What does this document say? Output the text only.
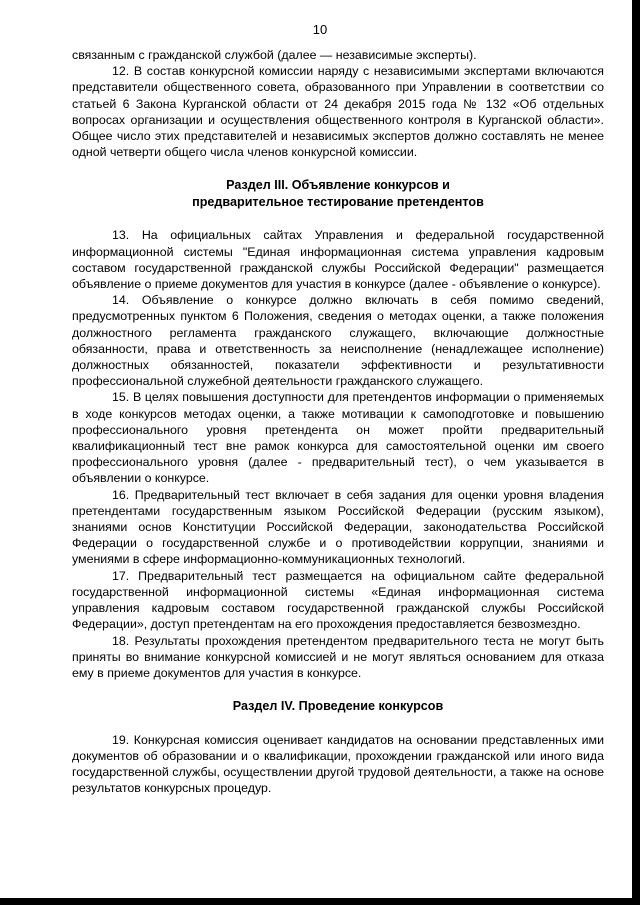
10

связанным с гражданской службой (далее — независимые эксперты).

12. В состав конкурсной комиссии наряду с независимыми экспертами включаются представители общественного совета, образованного при Управлении в соответствии со статьей 6 Закона Курганской области от 24 декабря 2015 года № 132 «Об отдельных вопросах организации и осуществления общественного контроля в Курганской области». Общее число этих представителей и независимых экспертов должно составлять не менее одной четверти общего числа членов конкурсной комиссии.

Раздел III. Объявление конкурсов и

предварительное тестирование претендентов

13. На официальных сайтах Управления и федеральной государственной информационной системы "Единая информационная система управления кадровым составом государственной гражданской службы Российской Федерации" размещается объявление о приеме документов для участия в конкурсе (далее - объявление о конкурсе).

14. Объявление о конкурсе должно включать в себя помимо сведений, предусмотренных пунктом 6 Положения, сведения о методах оценки, а также положения должностного регламента гражданского служащего, включающие должностные обязанности, права и ответственность за неисполнение (ненадлежащее исполнение) должностных обязанностей, показатели эффективности и результативности профессиональной служебной деятельности гражданского служащего.

15. В целях повышения доступности для претендентов информации о применяемых в ходе конкурсов методах оценки, а также мотивации к самоподготовке и повышению профессионального уровня претендента он может пройти предварительный квалификационный тест вне рамок конкурса для самостоятельной оценки им своего профессионального уровня (далее - предварительный тест), о чем указывается в объявлении о конкурсе.

16. Предварительный тест включает в себя задания для оценки уровня владения претендентами государственным языком Российской Федерации (русским языком), знаниями основ Конституции Российской Федерации, законодательства Российской Федерации о государственной службе и о противодействии коррупции, знаниями и умениями в сфере информационно-коммуникационных технологий.

17. Предварительный тест размещается на официальном сайте федеральной государственной информационной системы «Единая информационная система управления кадровым составом государственной гражданской службы Российской Федерации», доступ претендентам на его прохождения предоставляется безвозмездно.

18. Результаты прохождения претендентом предварительного теста не могут быть приняты во внимание конкурсной комиссией и не могут являться основанием для отказа ему в приеме документов для участия в конкурсе.

Раздел IV. Проведение конкурсов

19. Конкурсная комиссия оценивает кандидатов на основании представленных ими документов об образовании и о квалификации, прохождении гражданской или иного вида государственной службы, осуществлении другой трудовой деятельности, а также на основе результатов конкурсных процедур.
